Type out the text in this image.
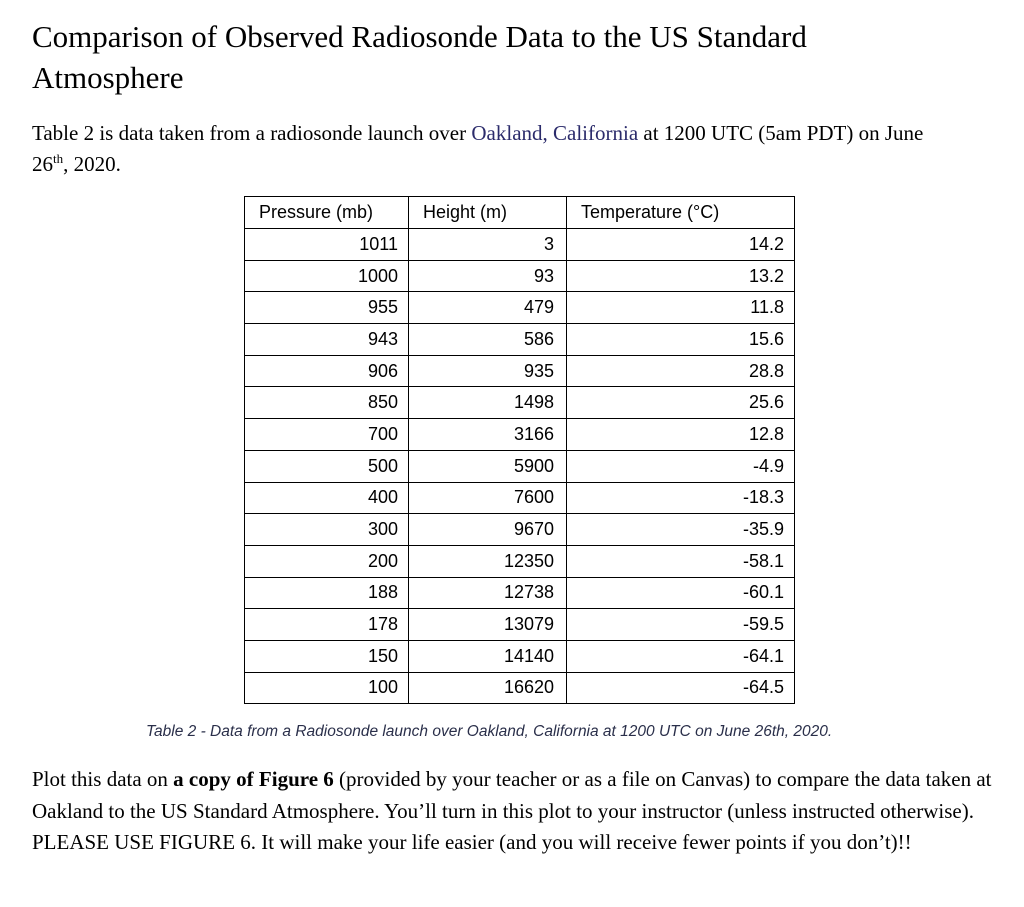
Comparison of Observed Radiosonde Data to the US Standard Atmosphere

Table 2 is data taken from a radiosonde launch over Oakland, California at 1200 UTC (5am PDT) on June 26th, 2020.

Pressure (mb)	Height (m)	Temperature (°C)
1011	3	14.2
1000	93	13.2
955	479	11.8
943	586	15.6
906	935	28.8
850	1498	25.6
700	3166	12.8
500	5900	-4.9
400	7600	-18.3
300	9670	-35.9
200	12350	-58.1
188	12738	-60.1
178	13079	-59.5
150	14140	-64.1
100	16620	-64.5

Table 2 - Data from a Radiosonde launch over Oakland, California at 1200 UTC on June 26th, 2020.

Plot this data on a copy of Figure 6 (provided by your teacher or as a file on Canvas) to compare the data taken at Oakland to the US Standard Atmosphere. You’ll turn in this plot to your instructor (unless instructed otherwise). PLEASE USE FIGURE 6. It will make your life easier (and you will receive fewer points if you don’t)!!
